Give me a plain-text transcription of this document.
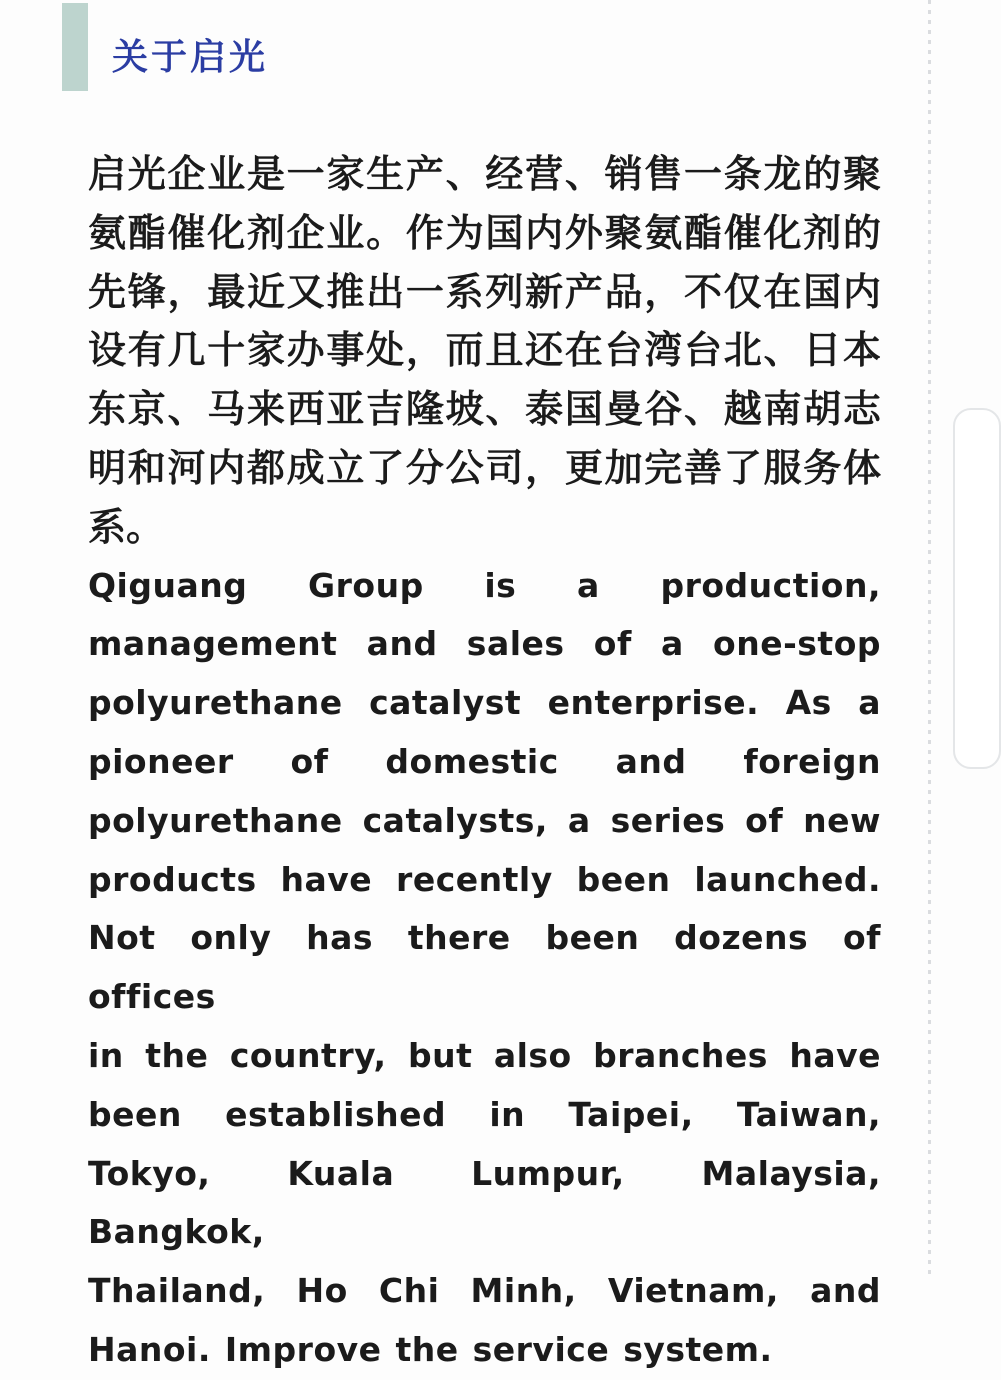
关于启光
启光企业是一家生产、经营、销售一条龙的聚
氨酯催化剂企业。作为国内外聚氨酯催化剂的
先锋，最近又推出一系列新产品，不仅在国内
设有几十家办事处，而且还在台湾台北、日本
东京、马来西亚吉隆坡、泰国曼谷、越南胡志
明和河内都成立了分公司，更加完善了服务体
系。
Qiguang Group is a production,
management and sales of a one-stop
polyurethane catalyst enterprise. As a
pioneer of domestic and foreign
polyurethane catalysts, a series of new
products have recently been launched.
Not only has there been dozens of offices
in the country, but also branches have
been established in Taipei, Taiwan,
Tokyo, Kuala Lumpur, Malaysia, Bangkok,
Thailand, Ho Chi Minh, Vietnam, and
Hanoi. Improve the service system.
